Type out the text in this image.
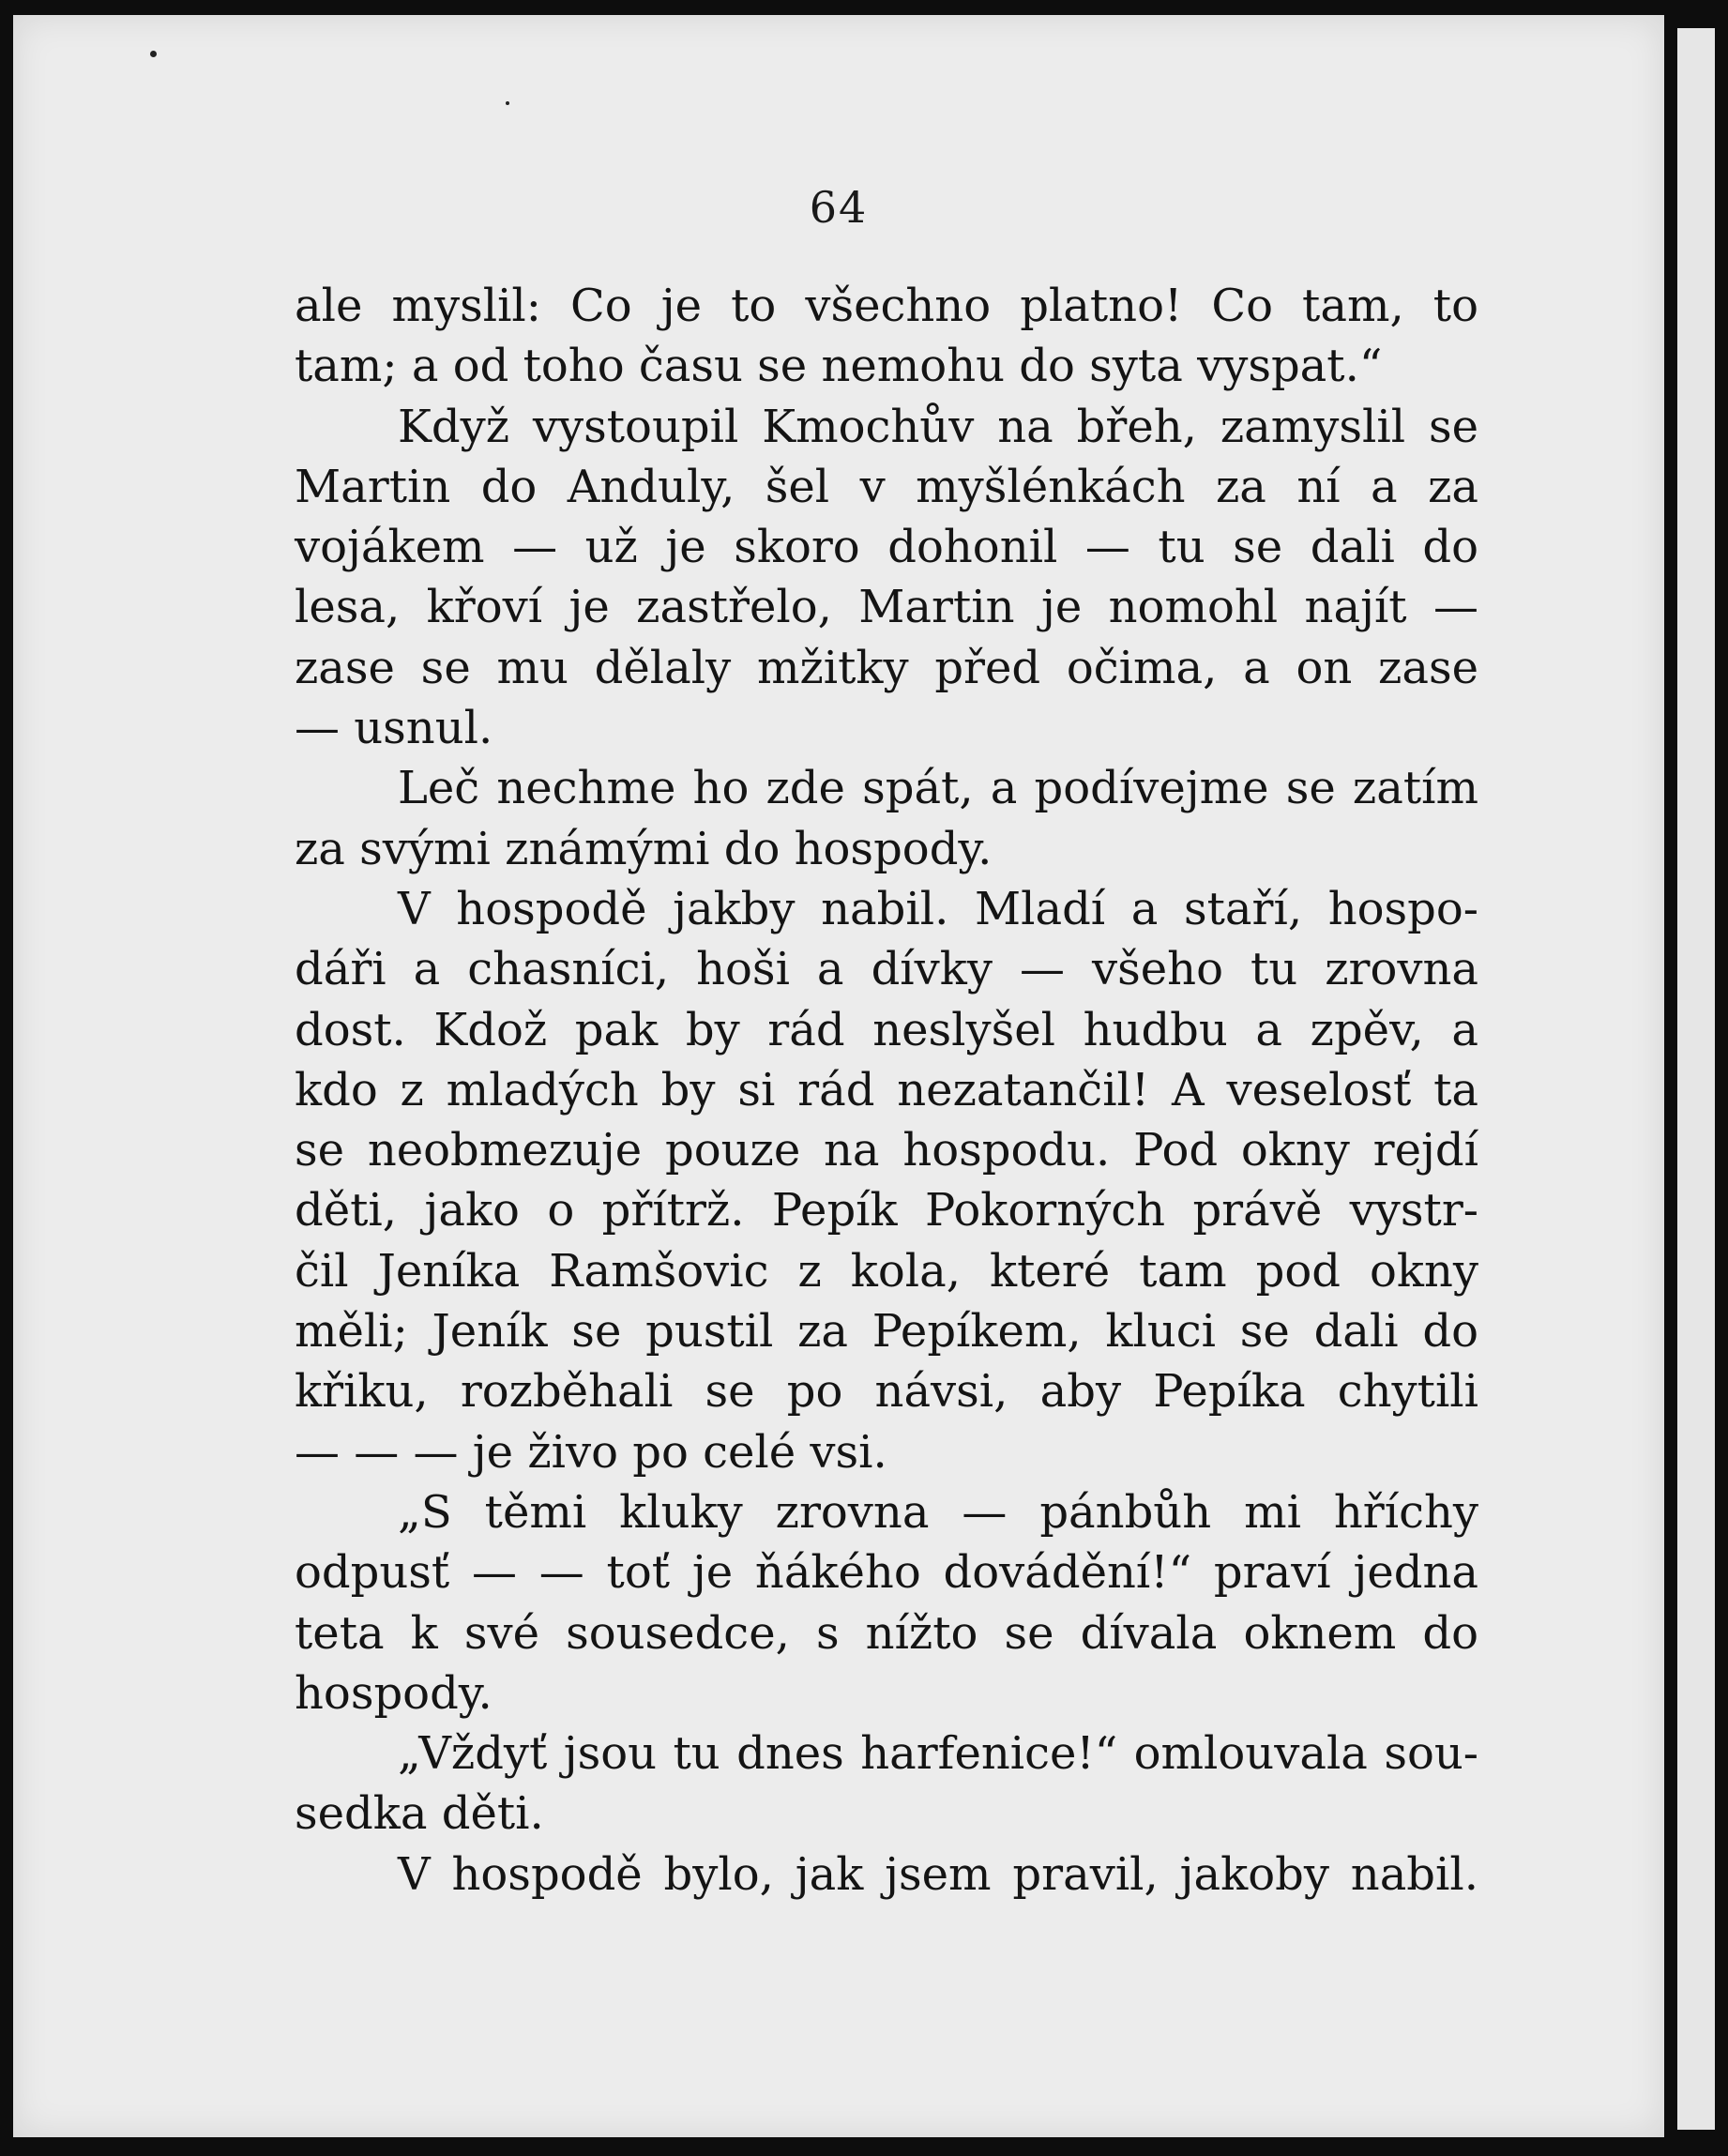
64
ale myslil: Co je to všechno platno! Co tam, to
tam; a od toho času se nemohu do syta vyspat.“
Když vystoupil Kmochův na břeh, zamyslil se
Martin do Anduly, šel v myšlénkách za ní a za
vojákem — už je skoro dohonil — tu se dali do
lesa, křoví je zastřelo, Martin je nomohl najít —
zase se mu dělaly mžitky před očima, a on zase
— usnul.
Leč nechme ho zde spát, a podívejme se zatím
za svými známými do hospody.
V hospodě jakby nabil. Mladí a staří, hospo-
dáři a chasníci, hoši a dívky — všeho tu zrovna
dost. Kdož pak by rád neslyšel hudbu a zpěv, a
kdo z mladých by si rád nezatančil! A veselosť ta
se neobmezuje pouze na hospodu. Pod okny rejdí
děti, jako o přítrž. Pepík Pokorných právě vystr-
čil Jeníka Ramšovic z kola, které tam pod okny
měli; Jeník se pustil za Pepíkem, kluci se dali do
křiku, rozběhali se po návsi, aby Pepíka chytili
— — — je živo po celé vsi.
„S těmi kluky zrovna — pánbůh mi hříchy
odpusť — — toť je ňákého dovádění!“ praví jedna
teta k své sousedce, s nížto se dívala oknem do
hospody.
„Vždyť jsou tu dnes harfenice!“ omlouvala sou-
sedka děti.
V hospodě bylo, jak jsem pravil, jakoby nabil.
